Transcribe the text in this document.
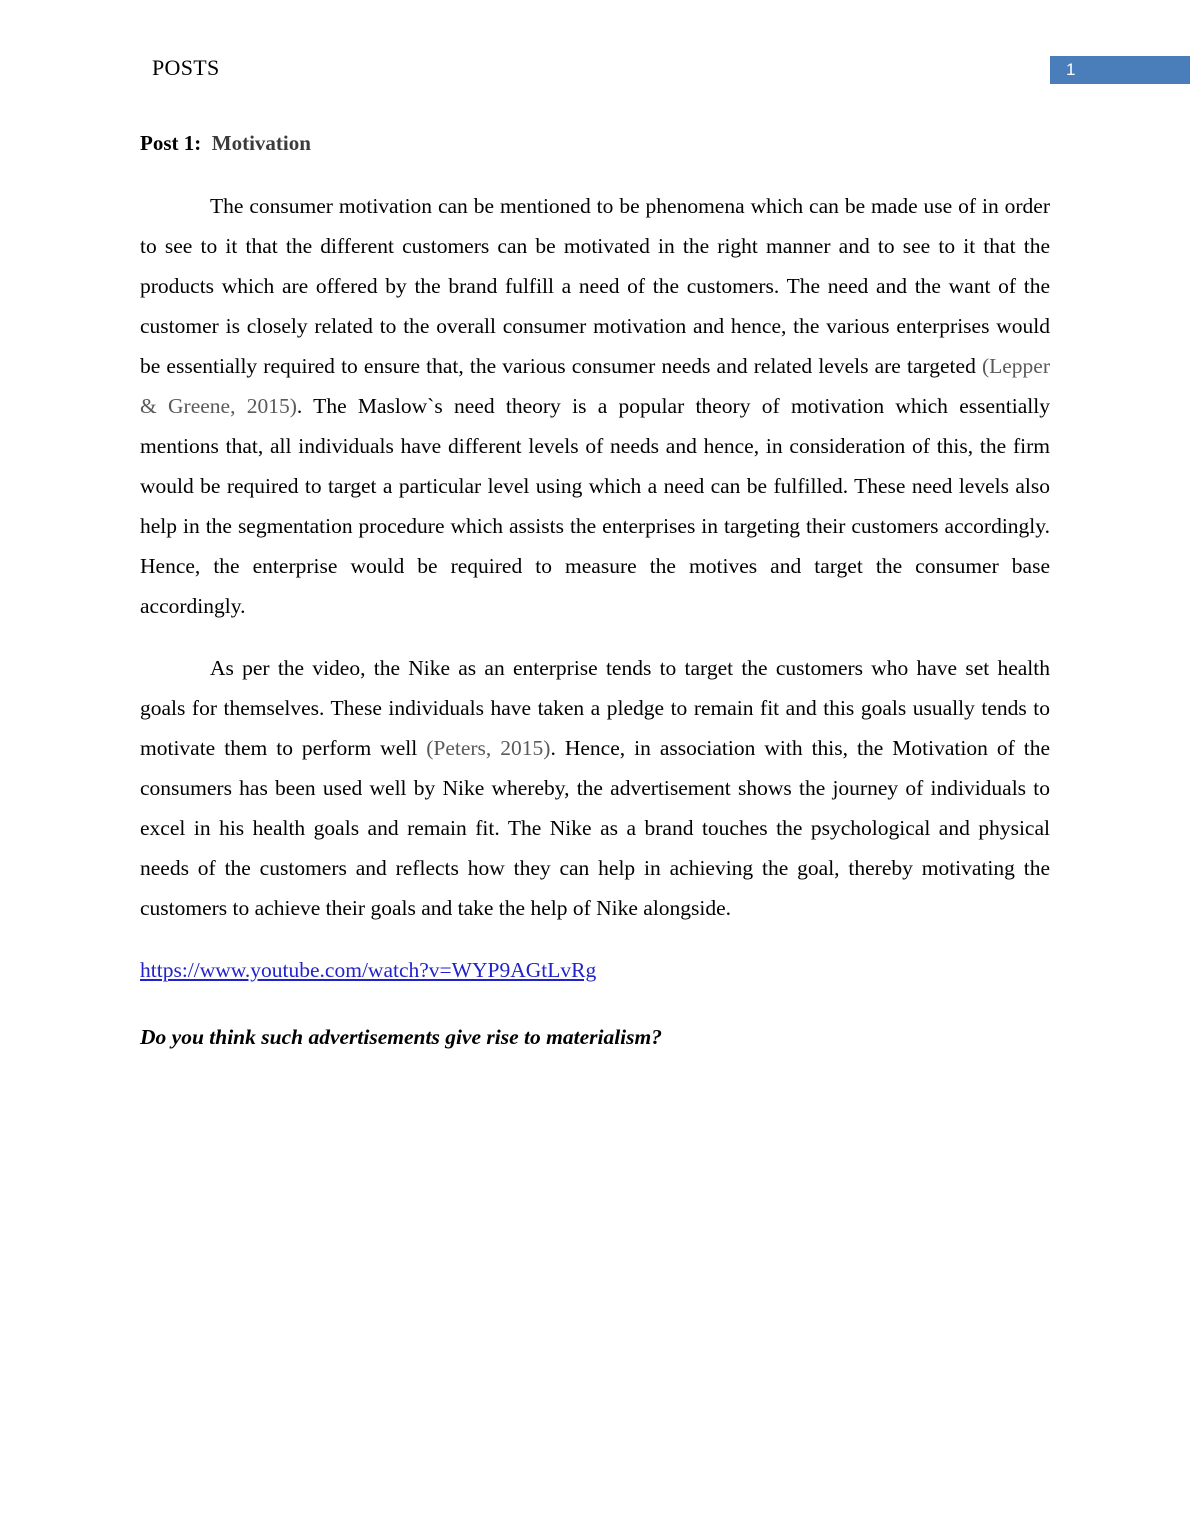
POSTS	1
Post 1: Motivation

The consumer motivation can be mentioned to be phenomena which can be made use of in order to see to it that the different customers can be motivated in the right manner and to see to it that the products which are offered by the brand fulfill a need of the customers. The need and the want of the customer is closely related to the overall consumer motivation and hence, the various enterprises would be essentially required to ensure that, the various consumer needs and related levels are targeted (Lepper & Greene, 2015). The Maslow`s need theory is a popular theory of motivation which essentially mentions that, all individuals have different levels of needs and hence, in consideration of this, the firm would be required to target a particular level using which a need can be fulfilled. These need levels also help in the segmentation procedure which assists the enterprises in targeting their customers accordingly. Hence, the enterprise would be required to measure the motives and target the consumer base accordingly.

As per the video, the Nike as an enterprise tends to target the customers who have set health goals for themselves. These individuals have taken a pledge to remain fit and this goals usually tends to motivate them to perform well (Peters, 2015). Hence, in association with this, the Motivation of the consumers has been used well by Nike whereby, the advertisement shows the journey of individuals to excel in his health goals and remain fit. The Nike as a brand touches the psychological and physical needs of the customers and reflects how they can help in achieving the goal, thereby motivating the customers to achieve their goals and take the help of Nike alongside.

https://www.youtube.com/watch?v=WYP9AGtLvRg

Do you think such advertisements give rise to materialism?
